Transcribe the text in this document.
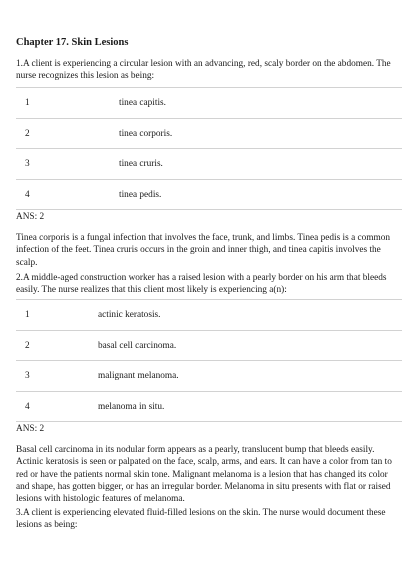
Chapter 17. Skin Lesions
1.A client is experiencing a circular lesion with an advancing, red, scaly border on the abdomen. The nurse recognizes this lesion as being:
1	tinea capitis.
2	tinea corporis.
3	tinea cruris.
4	tinea pedis.
ANS: 2
Tinea corporis is a fungal infection that involves the face, trunk, and limbs. Tinea pedis is a common infection of the feet. Tinea cruris occurs in the groin and inner thigh, and tinea capitis involves the scalp.
2.A middle-aged construction worker has a raised lesion with a pearly border on his arm that bleeds easily. The nurse realizes that this client most likely is experiencing a(n):
1	actinic keratosis.
2	basal cell carcinoma.
3	malignant melanoma.
4	melanoma in situ.
ANS: 2
Basal cell carcinoma in its nodular form appears as a pearly, translucent bump that bleeds easily. Actinic keratosis is seen or palpated on the face, scalp, arms, and ears. It can have a color from tan to red or have the patients normal skin tone. Malignant melanoma is a lesion that has changed its color and shape, has gotten bigger, or has an irregular border. Melanoma in situ presents with flat or raised lesions with histologic features of melanoma.
3.A client is experiencing elevated fluid-filled lesions on the skin. The nurse would document these lesions as being:
